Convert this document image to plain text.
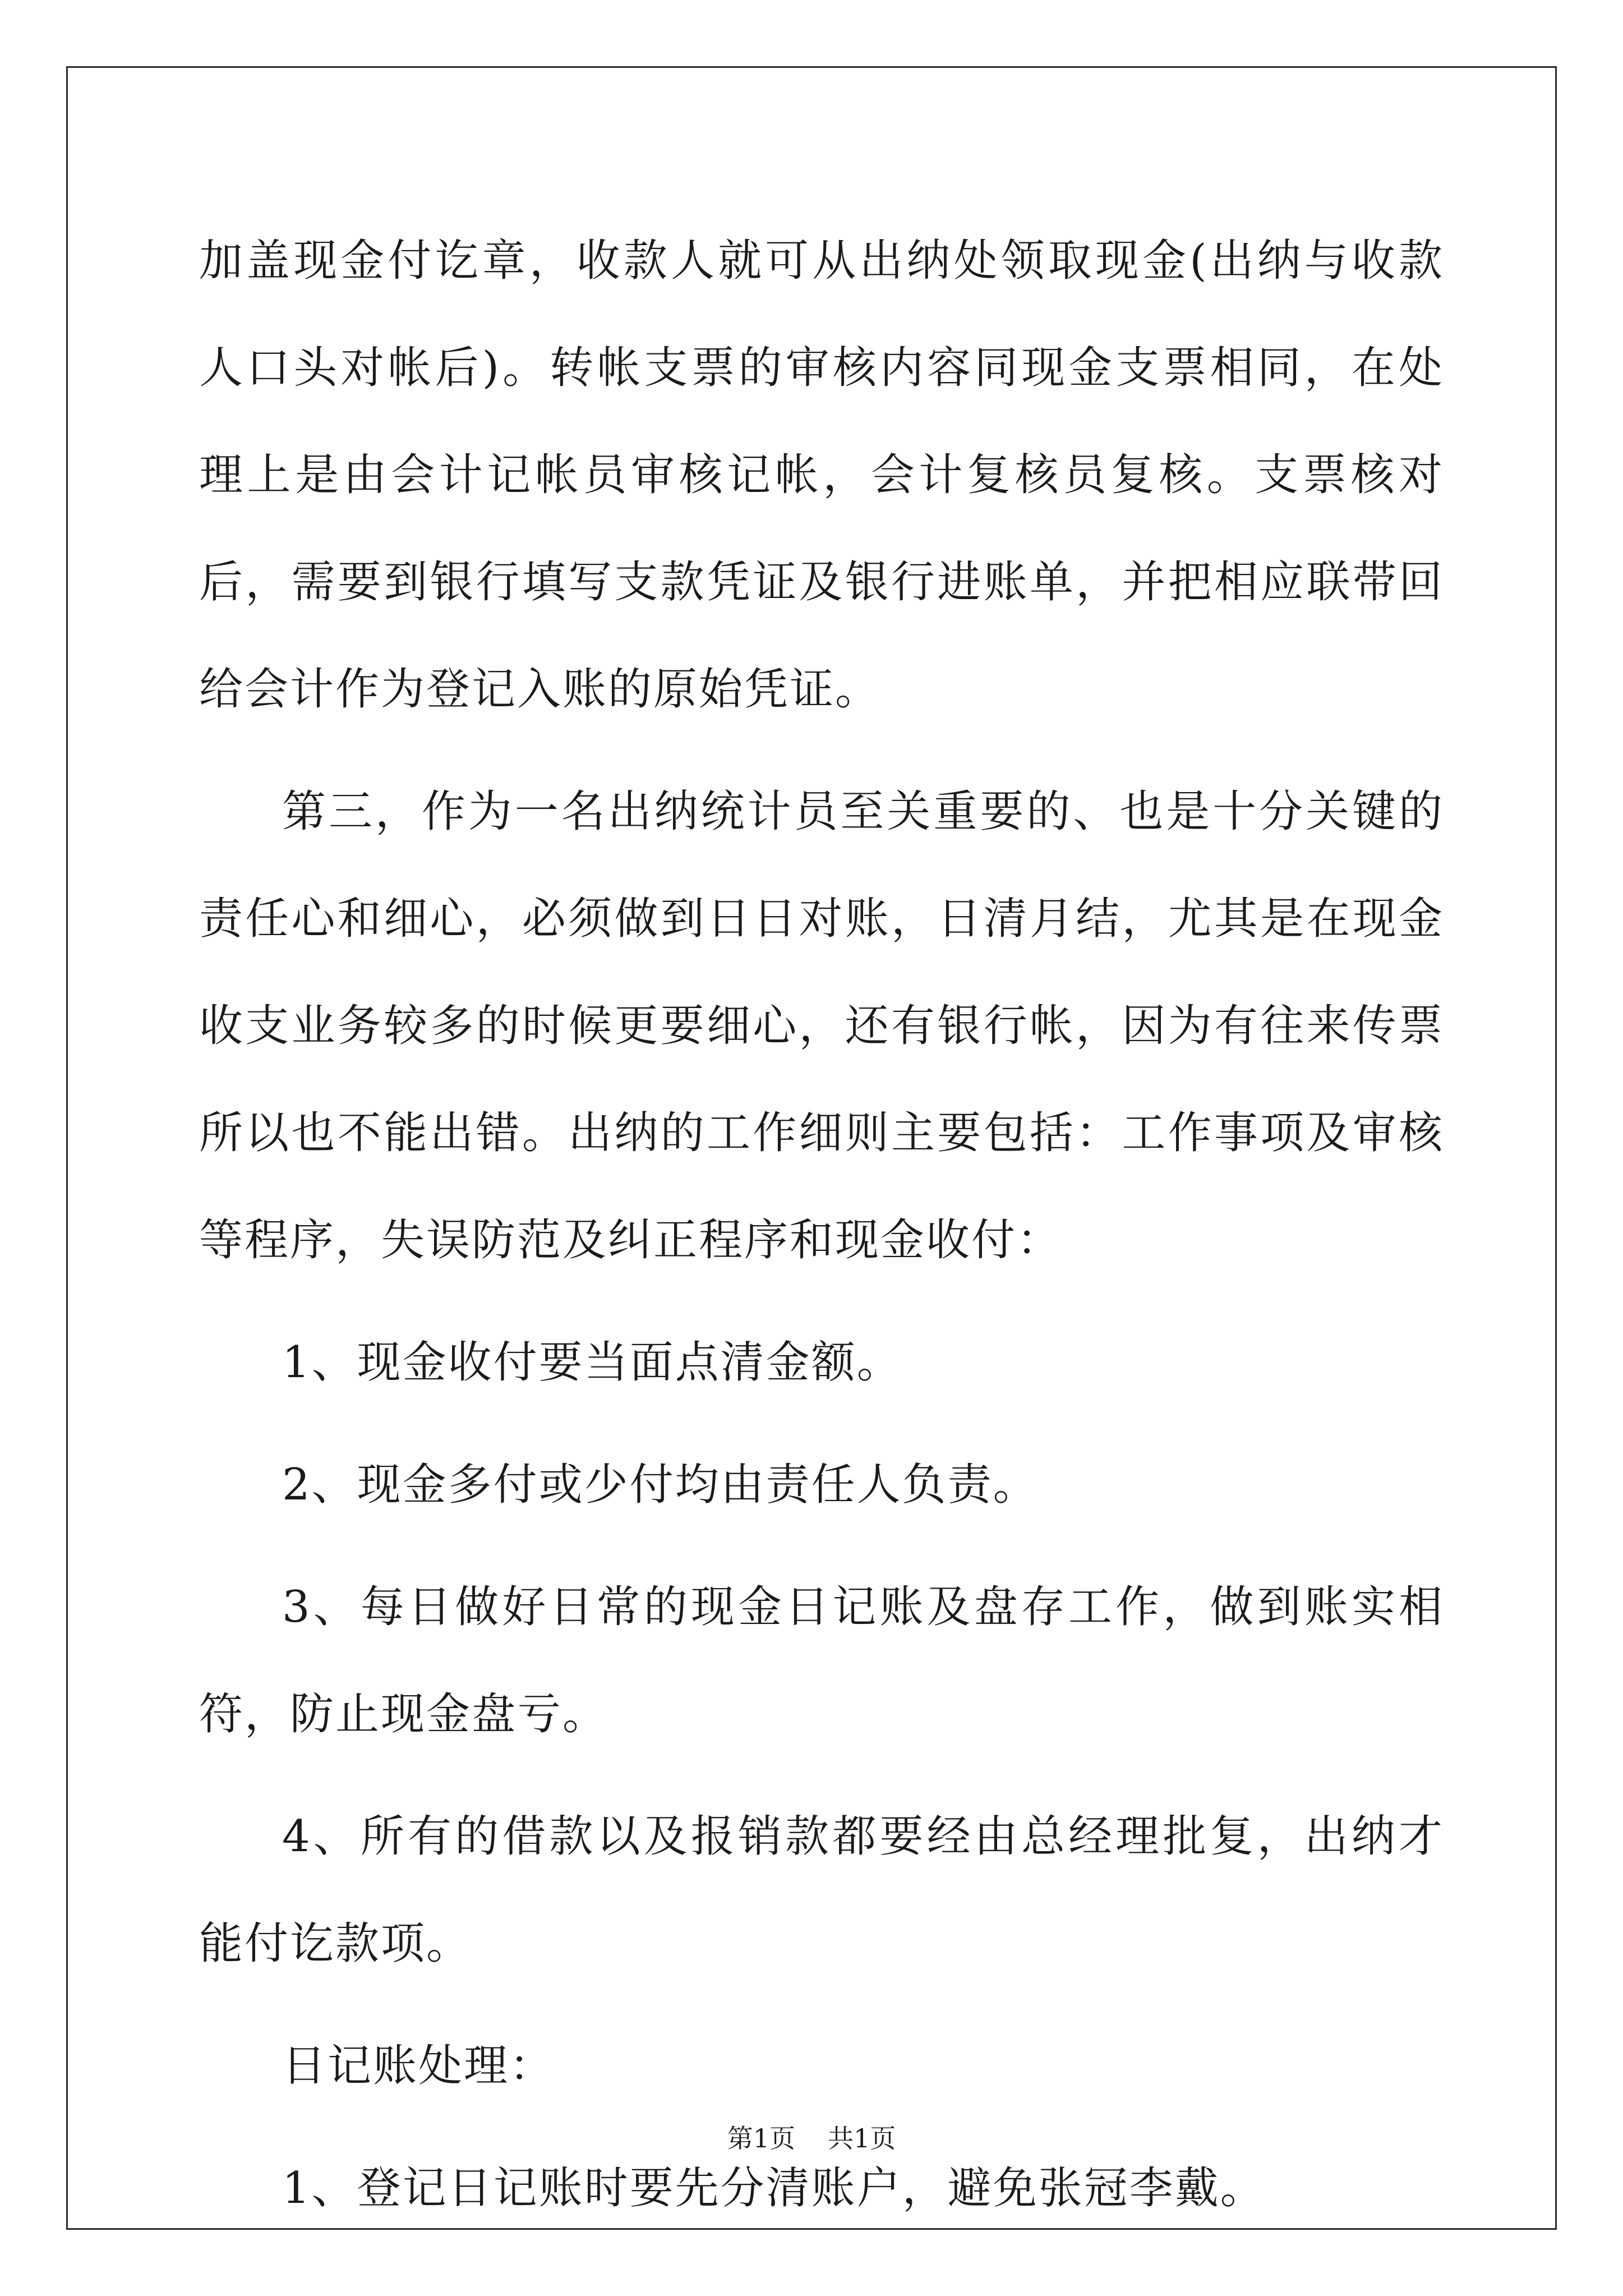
加盖现金付讫章，收款人就可从出纳处领取现金(出纳与收款人口头对帐后)。转帐支票的审核内容同现金支票相同，在处理上是由会计记帐员审核记帐，会计复核员复核。支票核对后，需要到银行填写支款凭证及银行进账单，并把相应联带回给会计作为登记入账的原始凭证。

第三，作为一名出纳统计员至关重要的、也是十分关键的责任心和细心，必须做到日日对账，日清月结，尤其是在现金收支业务较多的时候更要细心，还有银行帐，因为有往来传票所以也不能出错。出纳的工作细则主要包括：工作事项及审核等程序，失误防范及纠正程序和现金收付：

1、现金收付要当面点清金额。

2、现金多付或少付均由责任人负责。

3、每日做好日常的现金日记账及盘存工作，做到账实相符，防止现金盘亏。

4、所有的借款以及报销款都要经由总经理批复，出纳才能付讫款项。

日记账处理：

1、登记日记账时要先分清账户，避免张冠李戴。

第1页 共1页
